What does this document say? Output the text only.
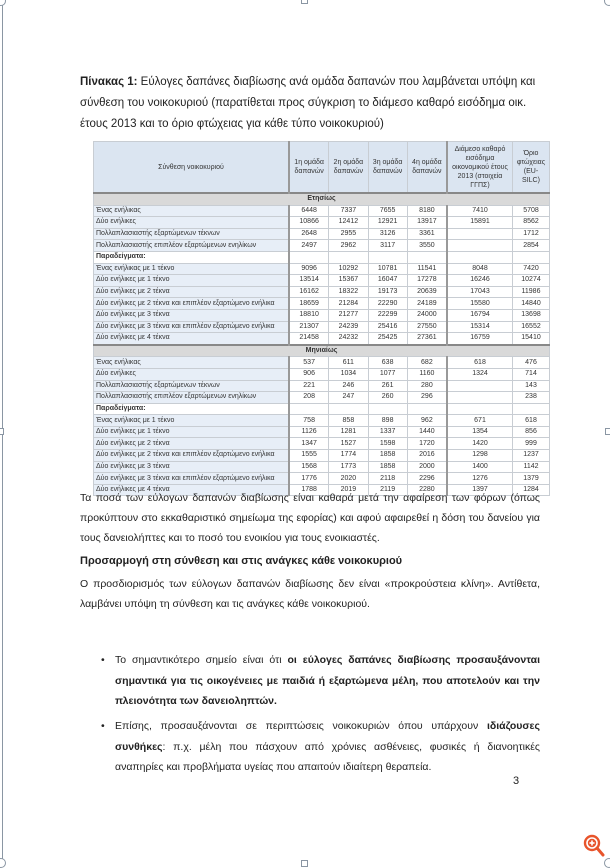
Πίνακας 1: Εύλογες δαπάνες διαβίωσης ανά ομάδα δαπανών που λαμβάνεται υπόψη και σύνθεση του νοικοκυριού (παρατίθεται προς σύγκριση το διάμεσο καθαρό εισόδημα οικ. έτους 2013 και το όριο φτώχειας για κάθε τύπο νοικοκυριού)

Σύνθεση νοικοκυριού	1η ομάδα δαπανών	2η ομάδα δαπανών	3η ομάδα δαπανών	4η ομάδα δαπανών	Διάμεσο καθαρό εισόδημα οικονομικού έτους 2013 (στοιχεία ΓΓΠΣ)	Όριο φτώχειας (EU-SILC)
Ετησίως						
Ένας ενήλικας	6448	7337	7655	8180	7410	5708
Δύο ενήλικες	10866	12412	12921	13917	15891	8562
Πολλαπλασιαστής εξαρτώμενων τέκνων	2648	2955	3126	3361		1712
Πολλαπλασιαστής επιπλέον εξαρτώμενων ενηλίκων	2497	2962	3117	3550		2854
Παραδείγματα:						
Ένας ενήλικας με 1 τέκνο	9096	10292	10781	11541	8048	7420
Δύο ενήλικες με 1 τέκνο	13514	15367	16047	17278	16246	10274
Δύο ενήλικες με 2 τέκνα	16162	18322	19173	20639	17043	11986
Δύο ενήλικες με 2 τέκνα και επιπλέον εξαρτώμενο ενήλικα	18659	21284	22290	24189	15580	14840
Δύο ενήλικες με 3 τέκνα	18810	21277	22299	24000	16794	13698
Δύο ενήλικες με 3 τέκνα και επιπλέον εξαρτώμενο ενήλικα	21307	24239	25416	27550	15314	16552
Δύο ενήλικες με 4 τέκνα	21458	24232	25425	27361	16759	15410
Μηνιαίως						
Ένας ενήλικας	537	611	638	682	618	476
Δύο ενήλικες	906	1034	1077	1160	1324	714
Πολλαπλασιαστής εξαρτώμενων τέκνων	221	246	261	280		143
Πολλαπλασιαστής επιπλέον εξαρτώμενων ενηλίκων	208	247	260	296		238
Παραδείγματα:						
Ένας ενήλικας με 1 τέκνο	758	858	898	962	671	618
Δύο ενήλικες με 1 τέκνο	1126	1281	1337	1440	1354	856
Δύο ενήλικες με 2 τέκνα	1347	1527	1598	1720	1420	999
Δύο ενήλικες με 2 τέκνα και επιπλέον εξαρτώμενο ενήλικα	1555	1774	1858	2016	1298	1237
Δύο ενήλικες με 3 τέκνα	1568	1773	1858	2000	1400	1142
Δύο ενήλικες με 3 τέκνα και επιπλέον εξαρτώμενο ενήλικα	1776	2020	2118	2296	1276	1379
Δύο ενήλικες με 4 τέκνα	1788	2019	2119	2280	1397	1284

Τα ποσά των εύλογων δαπανών διαβίωσης είναι καθαρά μετά την αφαίρεση των φόρων (όπως προκύπτουν στο εκκαθαριστικό σημείωμα της εφορίας) και αφού αφαιρεθεί η δόση του δανείου για τους δανειολήπτες και το ποσό του ενοικίου για τους ενοικιαστές.

Προσαρμογή στη σύνθεση και στις ανάγκες κάθε νοικοκυριού

Ο προσδιορισμός των εύλογων δαπανών διαβίωσης δεν είναι «προκρούστεια κλίνη». Αντίθετα, λαμβάνει υπόψη τη σύνθεση και τις ανάγκες κάθε νοικοκυριού.

• Το σημαντικότερο σημείο είναι ότι οι εύλογες δαπάνες διαβίωσης προσαυξάνονται σημαντικά για τις οικογένειες με παιδιά ή εξαρτώμενα μέλη, που αποτελούν και την πλειονότητα των δανειοληπτών.
• Επίσης, προσαυξάνονται σε περιπτώσεις νοικοκυριών όπου υπάρχουν ιδιάζουσες συνθήκες: π.χ. μέλη που πάσχουν από χρόνιες ασθένειες, φυσικές ή διανοητικές αναπηρίες και προβλήματα υγείας που απαιτούν ιδιαίτερη θεραπεία.
3
